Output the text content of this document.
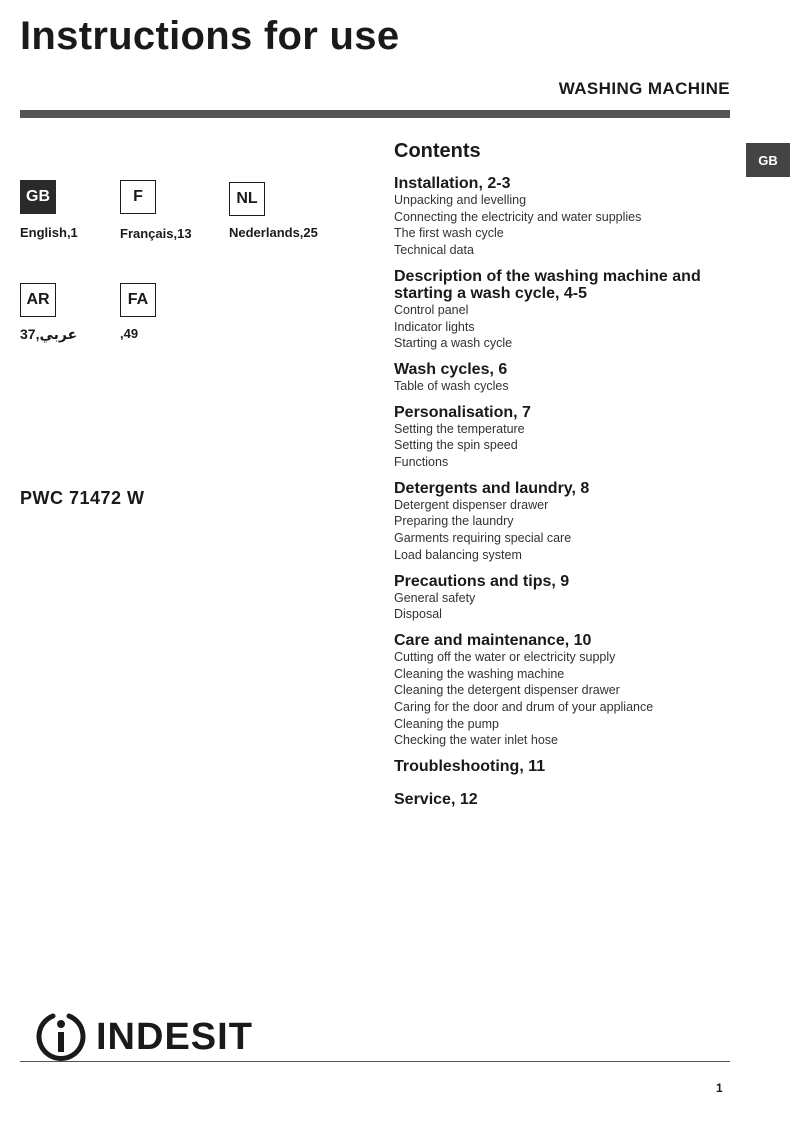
Instructions for use
WASHING MACHINE
GB
GB
English,1
F
Français,13
NL
Nederlands,25
AR
عربي,37
FA
,49
PWC 71472 W
Contents
Installation, 2-3
Unpacking and levelling
Connecting the electricity and water supplies
The first wash cycle
Technical data
Description of the washing machine and starting a wash cycle, 4-5
Control panel
Indicator lights
Starting a wash cycle
Wash cycles, 6
Table of wash cycles
Personalisation, 7
Setting the temperature
Setting the spin speed
Functions
Detergents and laundry, 8
Detergent dispenser drawer
Preparing the laundry
Garments requiring special care
Load balancing system
Precautions and tips, 9
General safety
Disposal
Care and maintenance, 10
Cutting off the water or electricity supply
Cleaning the washing machine
Cleaning the detergent dispenser drawer
Caring for the door and drum of your appliance
Cleaning the pump
Checking the water inlet hose
Troubleshooting, 11
Service, 12
INDESIT
1
